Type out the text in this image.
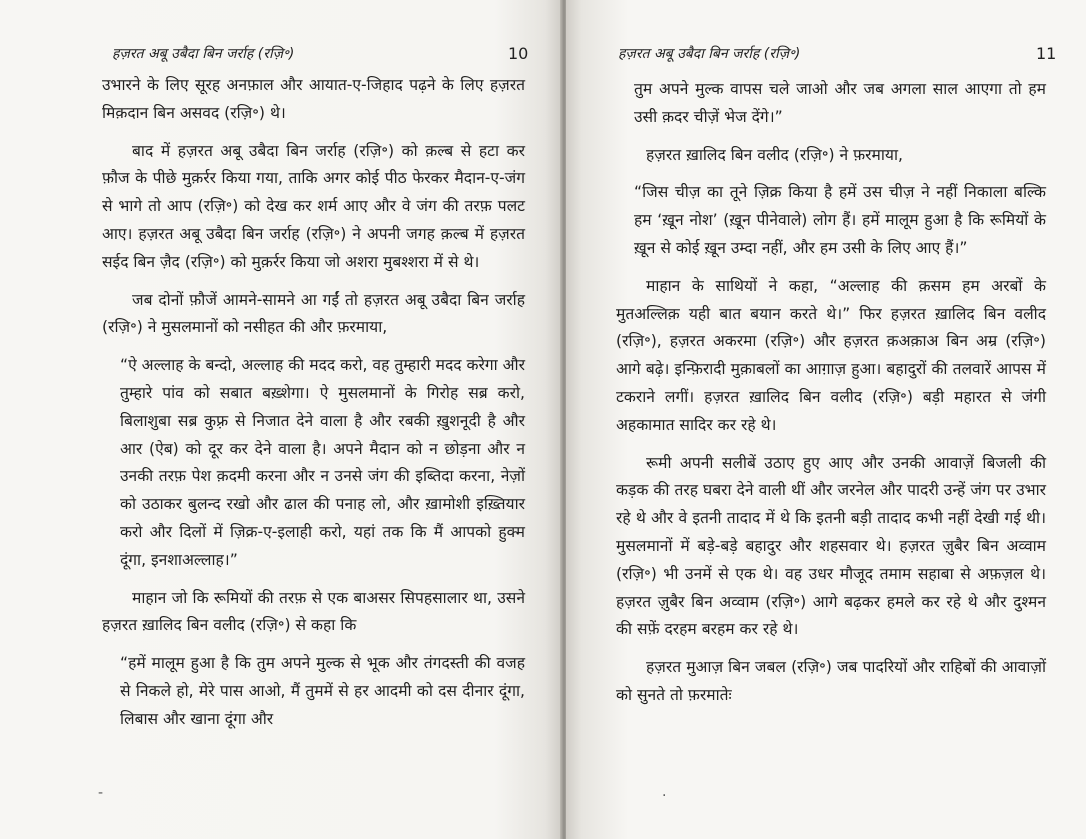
हज़रत अबू उबैदा बिन जर्राह (रज़ि॰)	10

उभारने के लिए सूरह अनफ़ाल और आयात-ए-जिहाद पढ़ने के लिए हज़रत मिक़दान बिन असवद (रज़ि॰) थे।

बाद में हज़रत अबू उबैदा बिन जर्राह (रज़ि॰) को क़ल्ब से हटा कर फ़ौज के पीछे मुक़र्रर किया गया, ताकि अगर कोई पीठ फेरकर मैदान-ए-जंग से भागे तो आप (रज़ि॰) को देख कर शर्म आए और वे जंग की तरफ़ पलट आए। हज़रत अबू उबैदा बिन जर्राह (रज़ि॰) ने अपनी जगह क़ल्ब में हज़रत सईद बिन ज़ैद (रज़ि॰) को मुक़र्रर किया जो अशरा मुबश्शरा में से थे।

जब दोनों फ़ौजें आमने-सामने आ गईं तो हज़रत अबू उबैदा बिन जर्राह (रज़ि॰) ने मुसलमानों को नसीहत की और फ़रमाया,

“ऐ अल्लाह के बन्दो, अल्लाह की मदद करो, वह तुम्हारी मदद करेगा और तुम्हारे पांव को सबात बख़्शेगा। ऐ मुसलमानों के गिरोह सब्र करो, बिलाशुबा सब्र कुफ़्र से निजात देने वाला है और रबकी ख़ुशनूदी है और आर (ऐब) को दूर कर देने वाला है। अपने मैदान को न छोड़ना और न उनकी तरफ़ पेश क़दमी करना और न उनसे जंग की इब्तिदा करना, नेज़ों को उठाकर बुलन्द रखो और ढाल की पनाह लो, और ख़ामोशी इख़्तियार करो और दिलों में ज़िक्र-ए-इलाही करो, यहां तक कि मैं आपको हुक्म दूंगा, इनशाअल्लाह।”

माहान जो कि रूमियों की तरफ़ से एक बाअसर सिपहसालार था, उसने हज़रत ख़ालिद बिन वलीद (रज़ि॰) से कहा कि

“हमें मालूम हुआ है कि तुम अपने मुल्क से भूक और तंगदस्ती की वजह से निकले हो, मेरे पास आओ, मैं तुममें से हर आदमी को दस दीनार दूंगा, लिबास और खाना दूंगा और

-
हज़रत अबू उबैदा बिन जर्राह (रज़ि॰)	11

तुम अपने मुल्क वापस चले जाओ और जब अगला साल आएगा तो हम उसी क़दर चीज़ें भेज देंगे।”

हज़रत ख़ालिद बिन वलीद (रज़ि॰) ने फ़रमाया,

“जिस चीज़ का तूने ज़िक्र किया है हमें उस चीज़ ने नहीं निकाला बल्कि हम ‘ख़ून नोश’ (ख़ून पीनेवाले) लोग हैं। हमें मालूम हुआ है कि रूमियों के ख़ून से कोई ख़ून उम्दा नहीं, और हम उसी के लिए आए हैं।”

माहान के साथियों ने कहा, “अल्लाह की क़सम हम अरबों के मुतअल्लिक़ यही बात बयान करते थे।” फिर हज़रत ख़ालिद बिन वलीद (रज़ि॰), हज़रत अकरमा (रज़ि॰) और हज़रत क़अक़ाअ बिन अम्र (रज़ि॰) आगे बढ़े। इन्फ़िरादी मुक़ाबलों का आग़ाज़ हुआ। बहादुरों की तलवारें आपस में टकराने लगीं। हज़रत ख़ालिद बिन वलीद (रज़ि॰) बड़ी महारत से जंगी अहकामात सादिर कर रहे थे।

रूमी अपनी सलीबें उठाए हुए आए और उनकी आवाज़ें बिजली की कड़क की तरह घबरा देने वाली थीं और जरनेल और पादरी उन्हें जंग पर उभार रहे थे और वे इतनी तादाद में थे कि इतनी बड़ी तादाद कभी नहीं देखी गई थी। मुसलमानों में बड़े-बड़े बहादुर और शहसवार थे। हज़रत ज़ुबैर बिन अव्वाम (रज़ि॰) भी उनमें से एक थे। वह उधर मौजूद तमाम सहाबा से अफ़ज़ल थे। हज़रत ज़ुबैर बिन अव्वाम (रज़ि॰) आगे बढ़कर हमले कर रहे थे और दुश्मन की सफ़ें दरहम बरहम कर रहे थे।

हज़रत मुआज़ बिन जबल (रज़ि॰) जब पादरियों और राहिबों की आवाज़ों को सुनते तो फ़रमातेः

·
